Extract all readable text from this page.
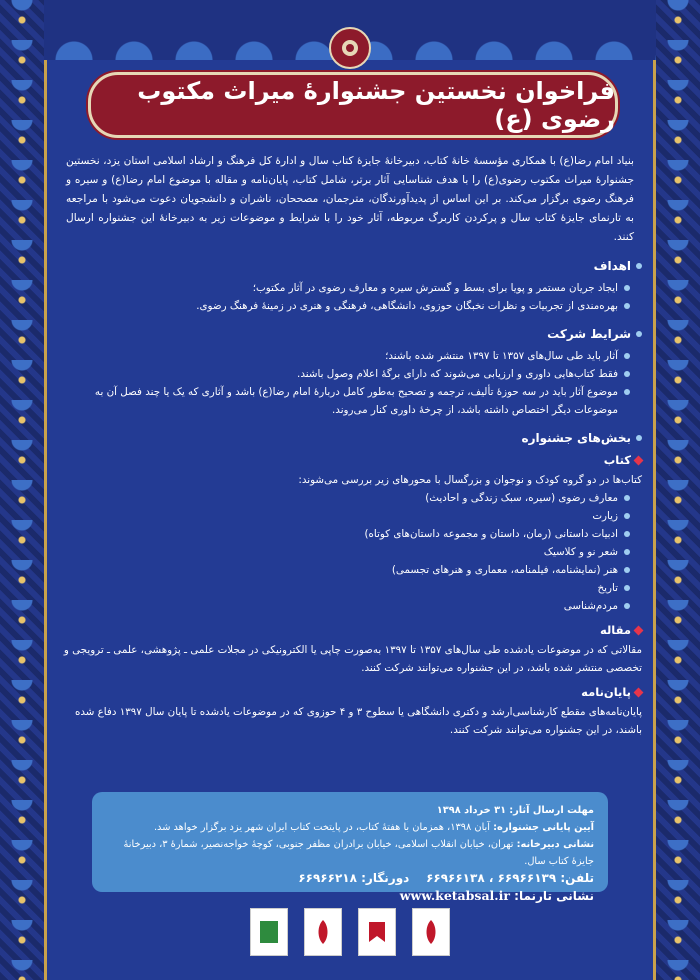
فراخوان نخستین جشنوارۀ میراث مکتوب رضوی (ع)

بنیاد امام رضا(ع) با همکاری مؤسسهٔ خانهٔ کتاب، دبیرخانهٔ جایزهٔ کتاب سال و ادارهٔ کل فرهنگ و ارشاد اسلامی استان یزد، نخستین جشنوارهٔ میراث مکتوب رضوی(ع) را با هدف شناسایی آثار برتر، شامل کتاب، پایان‌نامه و مقاله با موضوع امام رضا(ع) و سیره و فرهنگ رضوی برگزار می‌کند. بر این اساس از پدیدآورندگان، مترجمان، مصححان، ناشران و دانشجویان دعوت می‌شود با مراجعه به تارنمای جایزهٔ کتاب سال و پرکردن کاربرگ مربوطه، آثار خود را با شرایط و موضوعات زیر به دبیرخانهٔ این جشنواره ارسال کنند.

اهداف
ایجاد جریان مستمر و پویا برای بسط و گسترش سیره و معارف رضوی در آثار مکتوب؛
بهره‌مندی از تجربیات و نظرات نخبگان حوزوی، دانشگاهی، فرهنگی و هنری در زمینهٔ فرهنگ رضوی.
شرایط شرکت
آثار باید طی سال‌های ۱۳۵۷ تا ۱۳۹۷ منتشر شده باشند؛
فقط کتاب‌هایی داوری و ارزیابی می‌شوند که دارای برگهٔ اعلام وصول باشند.
موضوع آثار باید در سه حوزهٔ تألیف، ترجمه و تصحیح به‌طور کامل دربارهٔ امام رضا(ع) باشد و آثاری که یک یا چند فصل آن به موضوعات دیگر اختصاص داشته باشد، از چرخهٔ داوری کنار می‌روند.
بخش‌های جشنواره
کتاب

کتاب‌ها در دو گروه کودک و نوجوان و بزرگسال با محورهای زیر بررسی می‌شوند:

معارف رضوی (سیره، سبک زندگی و احادیث)
زیارت
ادبیات داستانی (رمان، داستان و مجموعه داستان‌های کوتاه)
شعر نو و کلاسیک
هنر (نمایشنامه، فیلمنامه، معماری و هنرهای تجسمی)
تاریخ
مردم‌شناسی
مقاله

مقالاتی که در موضوعات یادشده طی سال‌های ۱۳۵۷ تا ۱۳۹۷ به‌صورت چاپی یا الکترونیکی در مجلات علمی ـ پژوهشی، علمی ـ ترویجی و تخصصی منتشر شده باشد، در این جشنواره می‌توانند شرکت کنند.

پایان‌نامه

پایان‌نامه‌های مقطع کارشناسی‌ارشد و دکتری دانشگاهی یا سطوح ۳ و ۴ حوزوی که در موضوعات یادشده تا پایان سال ۱۳۹۷ دفاع شده باشند، در این جشنواره می‌توانند شرکت کنند.

مهلت ارسال آثار: ۳۱ خرداد ۱۳۹۸
آیین پایانی جشنواره: آبان ۱۳۹۸، همزمان با هفتهٔ کتاب، در پایتخت کتاب ایران شهر یزد برگزار خواهد شد.
نشانی دبیرخانه: تهران، خیابان انقلاب اسلامی، خیابان برادران مظفر جنوبی، کوچهٔ خواجه‌نصیر، شمارهٔ ۳، دبیرخانهٔ جایزهٔ کتاب سال.
تلفن: ۶۶۹۶۶۱۳۹ ، ۶۶۹۶۶۱۳۸    دورنگار: ۶۶۹۶۶۲۱۸
نشانی تارنما: www.ketabsal.ir
